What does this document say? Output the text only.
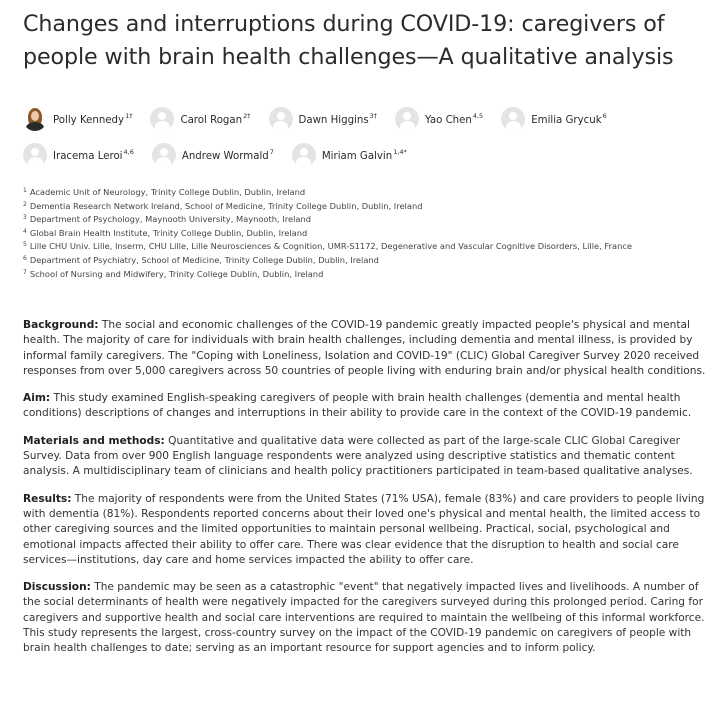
Changes and interruptions during COVID-19: caregivers of people with brain health challenges—A qualitative analysis
Polly Kennedy$^{1\dagger}$	Carol Rogan$^{2\dagger}$	Dawn Higgins$^{3\dagger}$	Yao Chen$^{4,5}$	Emilia Grycuk$^6$
Iracema Leroi$^{4,6}$	Andrew Wormald$^7$	Miriam Galvin$^{1,4*}$
$^1$ Academic Unit of Neurology, Trinity College Dublin, Dublin, Ireland
$^2$ Dementia Research Network Ireland, School of Medicine, Trinity College Dublin, Dublin, Ireland
$^3$ Department of Psychology, Maynooth University, Maynooth, Ireland
$^4$ Global Brain Health Institute, Trinity College Dublin, Dublin, Ireland
$^5$ Lille CHU Univ. Lille, Inserm, CHU Lille, Lille Neurosciences & Cognition, UMR-S1172, Degenerative and Vascular Cognitive Disorders, Lille, France
$^6$ Department of Psychiatry, School of Medicine, Trinity College Dublin, Dublin, Ireland
$^7$ School of Nursing and Midwifery, Trinity College Dublin, Dublin, Ireland

Background: The social and economic challenges of the COVID-19 pandemic greatly impacted people's physical and mental health. The majority of care for individuals with brain health challenges, including dementia and mental illness, is provided by informal family caregivers. The "Coping with Loneliness, Isolation and COVID-19" (CLIC) Global Caregiver Survey 2020 received responses from over 5,000 caregivers across 50 countries of people living with enduring brain and/or physical health conditions.

Aim: This study examined English-speaking caregivers of people with brain health challenges (dementia and mental health conditions) descriptions of changes and interruptions in their ability to provide care in the context of the COVID-19 pandemic.

Materials and methods: Quantitative and qualitative data were collected as part of the large-scale CLIC Global Caregiver Survey. Data from over 900 English language respondents were analyzed using descriptive statistics and thematic content analysis. A multidisciplinary team of clinicians and health policy practitioners participated in team-based qualitative analyses.

Results: The majority of respondents were from the United States (71% USA), female (83%) and care providers to people living with dementia (81%). Respondents reported concerns about their loved one's physical and mental health, the limited access to other caregiving sources and the limited opportunities to maintain personal wellbeing. Practical, social, psychological and emotional impacts affected their ability to offer care. There was clear evidence that the disruption to health and social care services—institutions, day care and home services impacted the ability to offer care.

Discussion: The pandemic may be seen as a catastrophic "event" that negatively impacted lives and livelihoods. A number of the social determinants of health were negatively impacted for the caregivers surveyed during this prolonged period. Caring for caregivers and supportive health and social care interventions are required to maintain the wellbeing of this informal workforce. This study represents the largest, cross-country survey on the impact of the COVID-19 pandemic on caregivers of people with brain health challenges to date; serving as an important resource for support agencies and to inform policy.
